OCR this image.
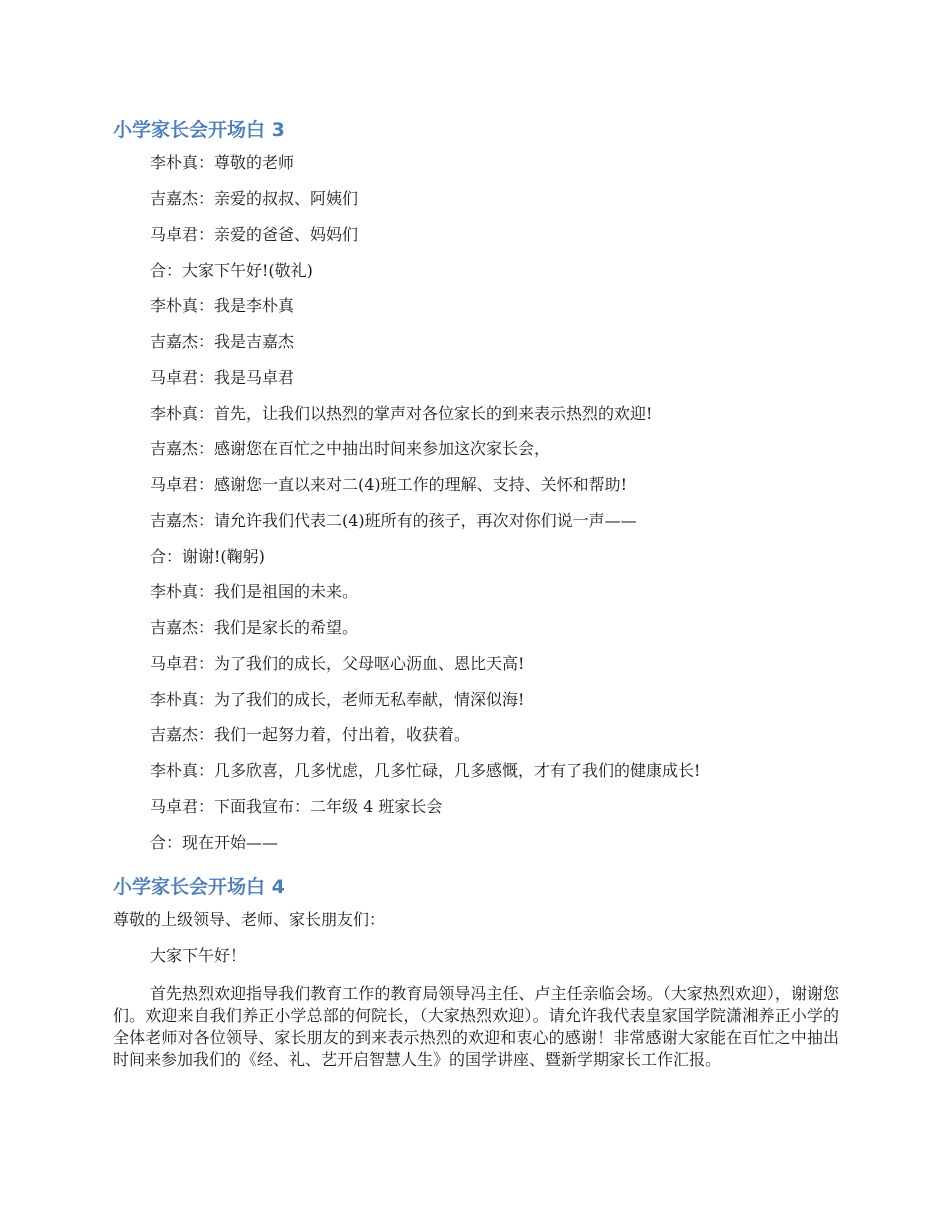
小学家长会开场白 3

李朴真：尊敬的老师

吉嘉杰：亲爱的叔叔、阿姨们

马卓君：亲爱的爸爸、妈妈们

合：大家下午好!(敬礼)

李朴真：我是李朴真

吉嘉杰：我是吉嘉杰

马卓君：我是马卓君

李朴真：首先，让我们以热烈的掌声对各位家长的到来表示热烈的欢迎!

吉嘉杰：感谢您在百忙之中抽出时间来参加这次家长会，

马卓君：感谢您一直以来对二(4)班工作的理解、支持、关怀和帮助!

吉嘉杰：请允许我们代表二(4)班所有的孩子，再次对你们说一声——

合：谢谢!(鞠躬)

李朴真：我们是祖国的未来。

吉嘉杰：我们是家长的希望。

马卓君：为了我们的成长，父母呕心沥血、恩比天高!

李朴真：为了我们的成长，老师无私奉献，情深似海!

吉嘉杰：我们一起努力着，付出着，收获着。

李朴真：几多欣喜，几多忧虑，几多忙碌，几多感慨，才有了我们的健康成长!

马卓君：下面我宣布：二年级 4 班家长会

合：现在开始——

小学家长会开场白 4

尊敬的上级领导、老师、家长朋友们：

大家下午好！

首先热烈欢迎指导我们教育工作的教育局领导冯主任、卢主任亲临会场。（大家热烈欢迎），谢谢您们。欢迎来自我们养正小学总部的何院长，（大家热烈欢迎）。请允许我代表皇家国学院潇湘养正小学的全体老师对各位领导、家长朋友的到来表示热烈的欢迎和衷心的感谢！非常感谢大家能在百忙之中抽出时间来参加我们的《经、礼、艺开启智慧人生》的国学讲座、暨新学期家长工作汇报。
